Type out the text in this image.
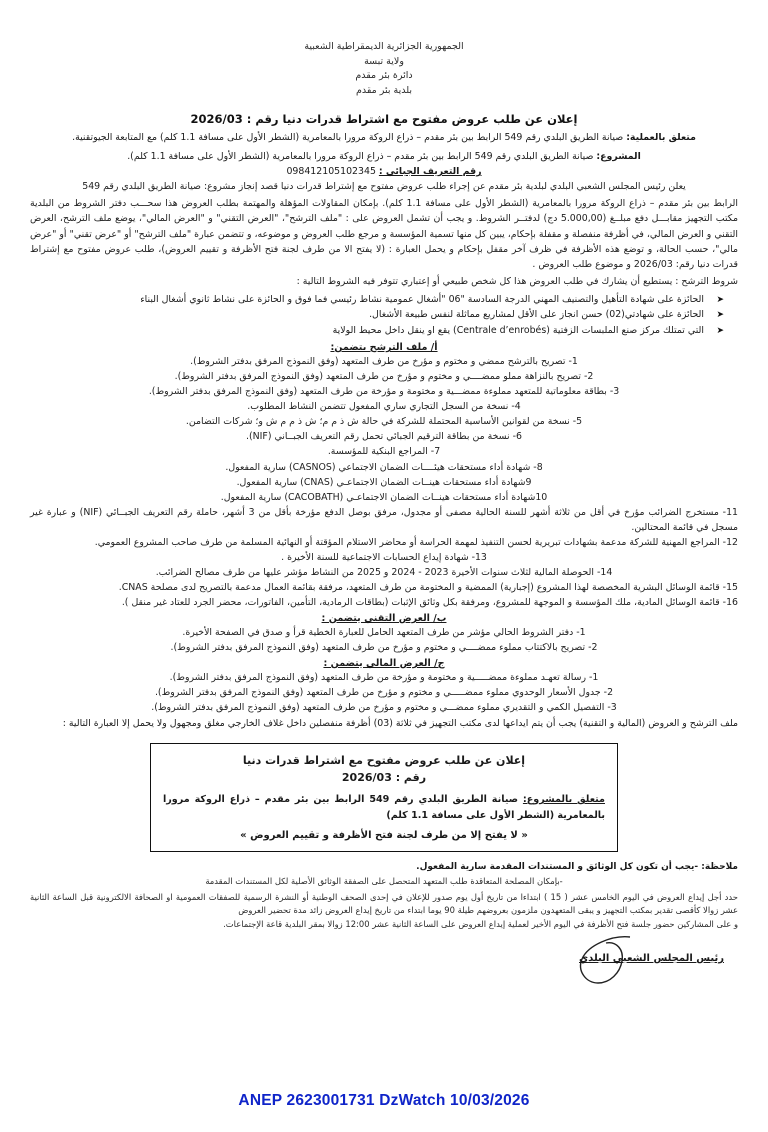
الجمهورية الجزائرية الديمقراطية الشعبية
ولاية تبسة
دائرة بئر مقدم
بلدية بئر مقدم
إعلان عن طلب عروض مفتوح مع اشتراط قدرات دنيا رقم : 2026/03
متعلق بالعملية: صيانة الطريق البلدي رقم 549 الرابط بين بئر مقدم – ذراع الروكة مرورا بالمعامرية (الشطر الأول على مسافة 1.1 كلم) مع المتابعة الجيوتقنية.
المشروع: صيانة الطريق البلدي رقم 549 الرابط بين بئر مقدم – ذراع الروكة مرورا بالمعامرية (الشطر الأول على مسافة 1.1 كلم).
رقم التعريف الجبائي : 09841210510​2345
يعلن رئيس المجلس الشعبي البلدي لبلدية بئر مقدم عن إجراء طلب عروض مفتوح مع إشتراط قدرات دنيا قصد إنجاز مشروع: صيانة الطريق البلدي رقم 549
الرابط بين بئر مقدم – ذراع الروكة مرورا بالمعامرية (الشطر الأول على مسافة 1.1 كلم). بإمكان المقاولات المؤهلة والمهتمة بطلب العروض هذا سحـــب دفتر الشروط من البلدية مكتب التجهيز مقابـــل دفع مبلــغ (5.000,00 دج) لدفتــر الشروط. و يجب أن تشمل العروض على : "ملف الترشح"، "العرض التقني" و "العرض المالي"، يوضع ملف الترشح، العرض التقني و العرض المالي، في أظرفة منفصلة و مقفلة بإحكام، يبين كل منها تسمية المؤسسة و مرجع طلب العروض و موضوعه، و تتضمن عبارة "ملف الترشح" أو "عرض تقني" أو "عرض مالي"، حسب الحالة، و توضع هذه الأظرفة في ظرف آخر مقفل بإحكام و يحمل العبارة : (لا يفتح الا من طرف لجنة فتح الأظرفة و تقييم العروض)، طلب عروض مفتوح مع إشتراط قدرات دنيا رقم: 2026/03 و موضوع طلب العروض .
شروط الترشح : يستطيع أن يشارك في طلب العروض هذا كل شخص طبيعي أو إعتباري تتوفر فيه الشروط التالية :
➤
الحائزة على شهادة التأهيل والتصنيف المهني الدرجة السادسة "06 "أشغال عمومية نشاط رئيسي فما فوق و الحائزة على نشاط ثانوي أشغال البناء
➤
الحائزة على شهادتي(02) حسن انجاز على الأقل لمشاريع مماثلة لنفس طبيعة الأشغال.
➤
التي تمتلك مركز صنع الملبسات الزفتية (Centrale d’enrobés) يقع او ينقل داخل محيط الولاية
أ/ ملف الترشح يتضمن:
1- تصريح بالترشح ممضي و مختوم و مؤرخ من طرف المتعهد (وفق النموذج المرفق بدفتر الشروط).
2- تصريح بالنزاهة مملو ممضــــي و مختوم و مؤرخ من طرف المتعهد (وفق النموذج المرفق بدفتر الشروط).
3- بطاقة معلوماتية للمتعهد مملوءة ممضـــية و مختومة و مؤرخة من طرف المتعهد (وفق النموذج المرفق بدفتر الشروط).
4- نسخة من السجل التجاري ساري المفعول تتضمن النشاط المطلوب.
5- نسخة من لقوانين الأساسية المحتملة للشركة في حالة ش ذ م م؛ ش ذ م م ش و؛ شركات التضامن.
6- نسخة من بطاقة الترقيم الجبائي تحمل رقم التعريف الجبــاني (NIF).
7- المراجع البنكية للمؤسسة.
8- شهادة أداء مستحقات هيئــــات الضمان الاجتماعي (CASNOS) سارية المفعول.
9شهادة أداء مستحقات هينــات الضمان الاجتماعـي (CNAS) سارية المفعول.
10شهادة أداء مستحقات هينــات الضمان الاجتماعـي (CACOBATH) سارية المفعول.
11- مستخرج الضرائب مؤرخ في أقل من ثلاثة أشهر للسنة الحالية مصفى أو مجدول، مرفق بوصل الدفع مؤرخة بأقل من 3 أشهر، حاملة رقم التعريف الجبــائي (NIF) و عبارة غير مسجل في قائمة المحتالين.
12- المراجع المهنية للشركة مدعمة بشهادات تبريرية لحسن التنفيذ لمهمة الحراسة أو محاضر الاستلام المؤقتة أو النهائية المسلمة من طرف صاحب المشروع العمومي.
13- شهادة إيداع الحسابات الاجتماعية للسنة الأخيرة .
14- الحوصلة المالية لثلاث سنوات الأخيرة 2023 - 2024 و 2025 من النشاط مؤشر عليها من طرف مصالح الضرائب.
15- قائمة الوسائل البشرية المخصصة لهذا المشروع (إجبارية) الممضية و المختومة من طرف المتعهد، مرفقة بقائمة العمال مدعمة بالتصريح لدى مصلحة CNAS.
16- قائمة الوسائل المادية، ملك المؤسسة و الموجهة للمشروع، ومرفقة بكل وثائق الإثبات (بطاقات الرمادية، التأمين، الفاتورات، محضر الجرد للعتاد غير منقل ).
ب/ العرض التقني يتضمن :
1- دفتر الشروط الحالي مؤشر من طرف المتعهد الحامل للعبارة الخطية قرأ و صدق في الصفحة الأخيرة.
2- تصريح بالاكتتاب مملوء ممضــــي و مختوم و مؤرخ من طرف المتعهد (وفق النموذج المرفق بدفتر الشروط).
ج/ العرض المالي يتضمن :
1- رسالة تعهـد مملوءة ممضـــــية و مختومة و مؤرخة من طرف المتعهد (وفق النموذج المرفق بدفتر الشروط).
2- جدول الأسعار الوحدوي مملوء ممضـــــي و مختوم و مؤرخ من طرف المتعهد (وفق النموذج المرفق بدفتر الشروط).
3- التفصيل الكمي و التقديري مملوء ممضـــي و مختوم و مؤرخ من طرف المتعهد (وفق النموذج المرفق بدفتر الشروط).
ملف الترشح و العروض (المالية و التقنية) يجب أن يتم ايداعها لدى مكتب التجهيز في ثلاثة (03) أظرفة منفصلين داخل غلاف الخارجي مغلق ومجهول ولا يحمل إلا العبارة التالية :
إعلان عن طلب عروض مفتوح مع اشتراط قدرات دنيا
رقم : 2026/03
متعلق بالمشروع: صيانة الطريق البلدي رقم 549 الرابط بين بئر مقدم – ذراع الروكة مرورا بالمعامرية (الشطر الأول على مسافة 1.1 كلم)
« لا يفتح إلا من طرف لجنة فتح الأظرفة و تقييم العروض »
ملاحظة: -يجب أن تكون كل الوثائق و المستندات المقدمة سارية المفعول.
-بإمكان المصلحة المتعاقدة طلب المتعهد المتحصل على الصفقة الوثائق الأصلية لكل المستندات المقدمة
حدد أجل إيداع العروض في اليوم الخامس عشر ( 15 ) ابتداءا من تاريخ أول يوم صدور للإعلان في إحدى الصحف الوطنية أو النشرة الرسمية للصفقات العمومية او الصحافة الالكترونية قبل الساعة الثانية عشر زوالا كأقصى تقدير بمكتب التجهيز و يبقى المتعهدون ملزمون بعروضهم طيلة 90 يوما ابتداء من تاريخ إيداع العروض زائد مدة تحضير العروض
و على المشاركين حضور جلسة فتح الأظرفة في اليوم الأخير لعملية إيداع العروض على الساعة الثانية عشر 12:00 زوالا بمقر البلدية قاعة الإجتماعات.
رئيس المجلس الشعبي البلدي
ANEP 2623001731 DzWatch 10/03/2026
